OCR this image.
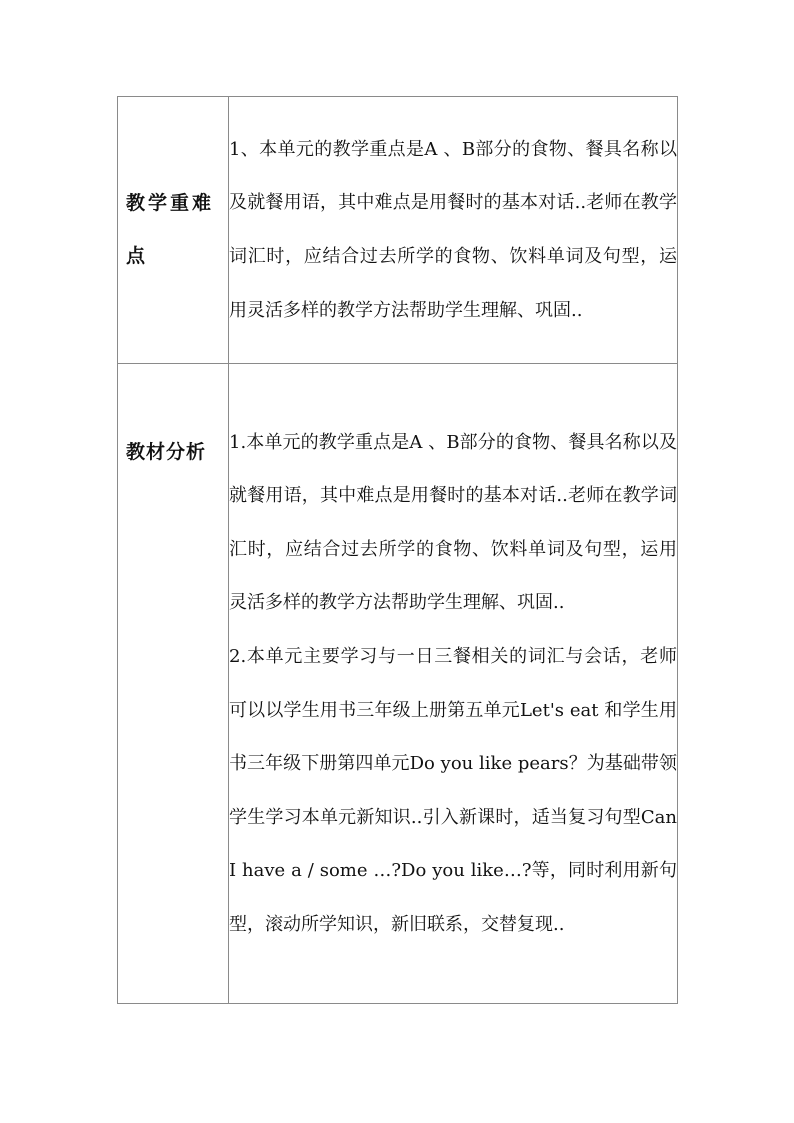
教学重难点	1、本单元的教学重点是A 、B部分的食物、餐具名称以及就餐用语，其中难点是用餐时的基本对话..老师在教学词汇时，应结合过去所学的食物、饮料单词及句型，运用灵活多样的教学方法帮助学生理解、巩固..

教材分析	1.本单元的教学重点是A 、B部分的食物、餐具名称以及就餐用语，其中难点是用餐时的基本对话..老师在教学词汇时，应结合过去所学的食物、饮料单词及句型，运用灵活多样的教学方法帮助学生理解、巩固..

2.本单元主要学习与一日三餐相关的词汇与会话，老师可以以学生用书三年级上册第五单元Let's eat 和学生用书三年级下册第四单元Do you like pears？为基础带领学生学习本单元新知识..引入新课时，适当复习句型Can I have a / some …?Do you like…?等，同时利用新句型，滚动所学知识，新旧联系，交替复现..
